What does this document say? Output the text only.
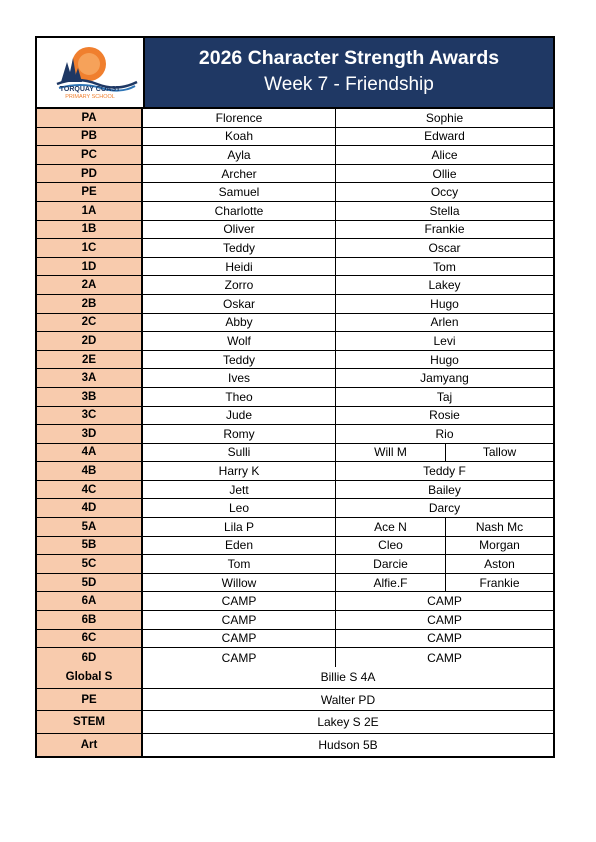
TORQUAY COAST
PRIMARY SCHOOL
2026 Character Strength Awards
Week 7 - Friendship
PA	Florence	Sophie
PB	Koah	Edward
PC	Ayla	Alice
PD	Archer	Ollie
PE	Samuel	Occy
1A	Charlotte	Stella
1B	Oliver	Frankie
1C	Teddy	Oscar
1D	Heidi	Tom
2A	Zorro	Lakey
2B	Oskar	Hugo
2C	Abby	Arlen
2D	Wolf	Levi
2E	Teddy	Hugo
3A	Ives	Jamyang
3B	Theo	Taj
3C	Jude	Rosie
3D	Romy	Rio
4A	Sulli	Will M	Tallow
4B	Harry K	Teddy F
4C	Jett	Bailey
4D	Leo	Darcy
5A	Lila P	Ace N	Nash Mc
5B	Eden	Cleo	Morgan
5C	Tom	Darcie	Aston
5D	Willow	Alfie.F	Frankie
6A	CAMP	CAMP
6B	CAMP	CAMP
6C	CAMP	CAMP
6D	CAMP	CAMP
Global S	Billie S 4A
PE	Walter PD
STEM	Lakey S 2E
Art	Hudson 5B
